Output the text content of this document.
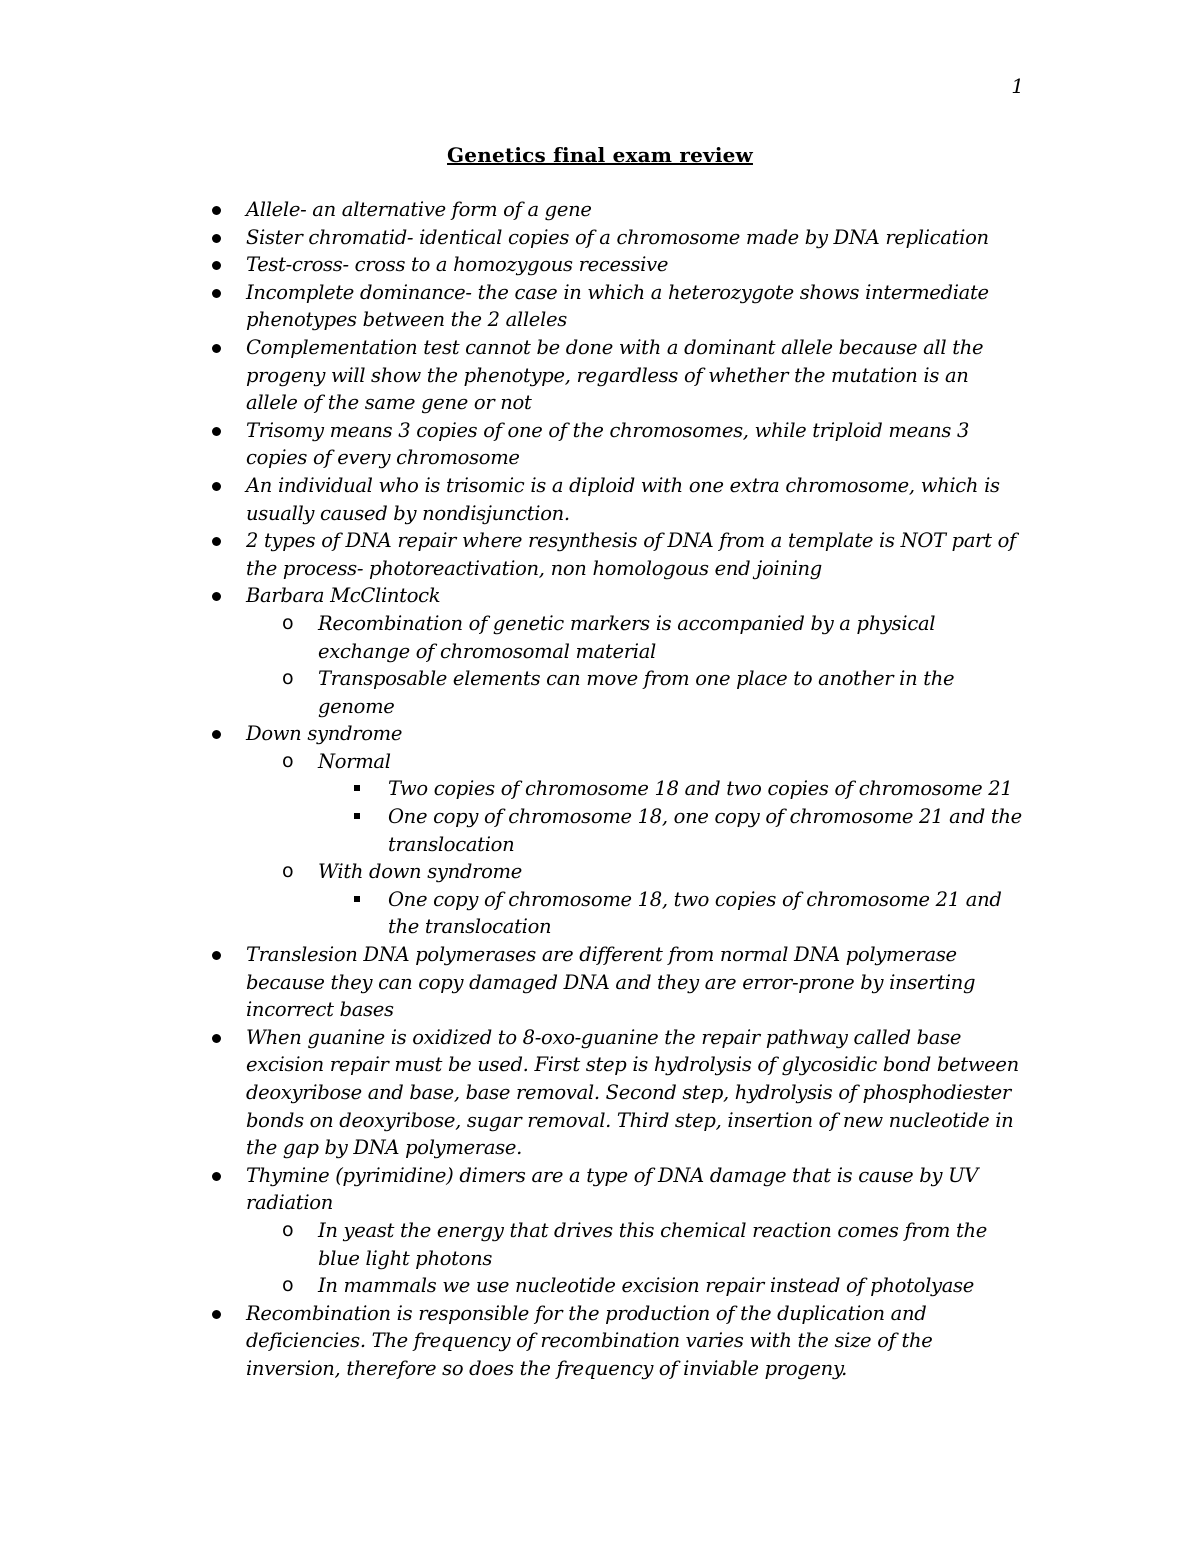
1
Genetics final exam review
Allele- an alternative form of a gene
Sister chromatid- identical copies of a chromosome made by DNA replication
Test-cross- cross to a homozygous recessive
Incomplete dominance- the case in which a heterozygote shows intermediate phenotypes between the 2 alleles
Complementation test cannot be done with a dominant allele because all the progeny will show the phenotype, regardless of whether the mutation is an allele of the same gene or not
Trisomy means 3 copies of one of the chromosomes, while triploid means 3 copies of every chromosome
An individual who is trisomic is a diploid with one extra chromosome, which is usually caused by nondisjunction.
2 types of DNA repair where resynthesis of DNA from a template is NOT part of the process- photoreactivation, non homologous end joining
Barbara McClintock
o Recombination of genetic markers is accompanied by a physical exchange of chromosomal material
o Transposable elements can move from one place to another in the genome
Down syndrome
o Normal
Two copies of chromosome 18 and two copies of chromosome 21
One copy of chromosome 18, one copy of chromosome 21 and the translocation
o With down syndrome
One copy of chromosome 18, two copies of chromosome 21 and the translocation
Translesion DNA polymerases are different from normal DNA polymerase because they can copy damaged DNA and they are error-prone by inserting incorrect bases
When guanine is oxidized to 8-oxo-guanine the repair pathway called base excision repair must be used. First step is hydrolysis of glycosidic bond between deoxyribose and base, base removal. Second step, hydrolysis of phosphodiester bonds on deoxyribose, sugar removal. Third step, insertion of new nucleotide in the gap by DNA polymerase.
Thymine (pyrimidine) dimers are a type of DNA damage that is cause by UV radiation
o In yeast the energy that drives this chemical reaction comes from the blue light photons
o In mammals we use nucleotide excision repair instead of photolyase
Recombination is responsible for the production of the duplication and deficiencies. The frequency of recombination varies with the size of the inversion, therefore so does the frequency of inviable progeny.
